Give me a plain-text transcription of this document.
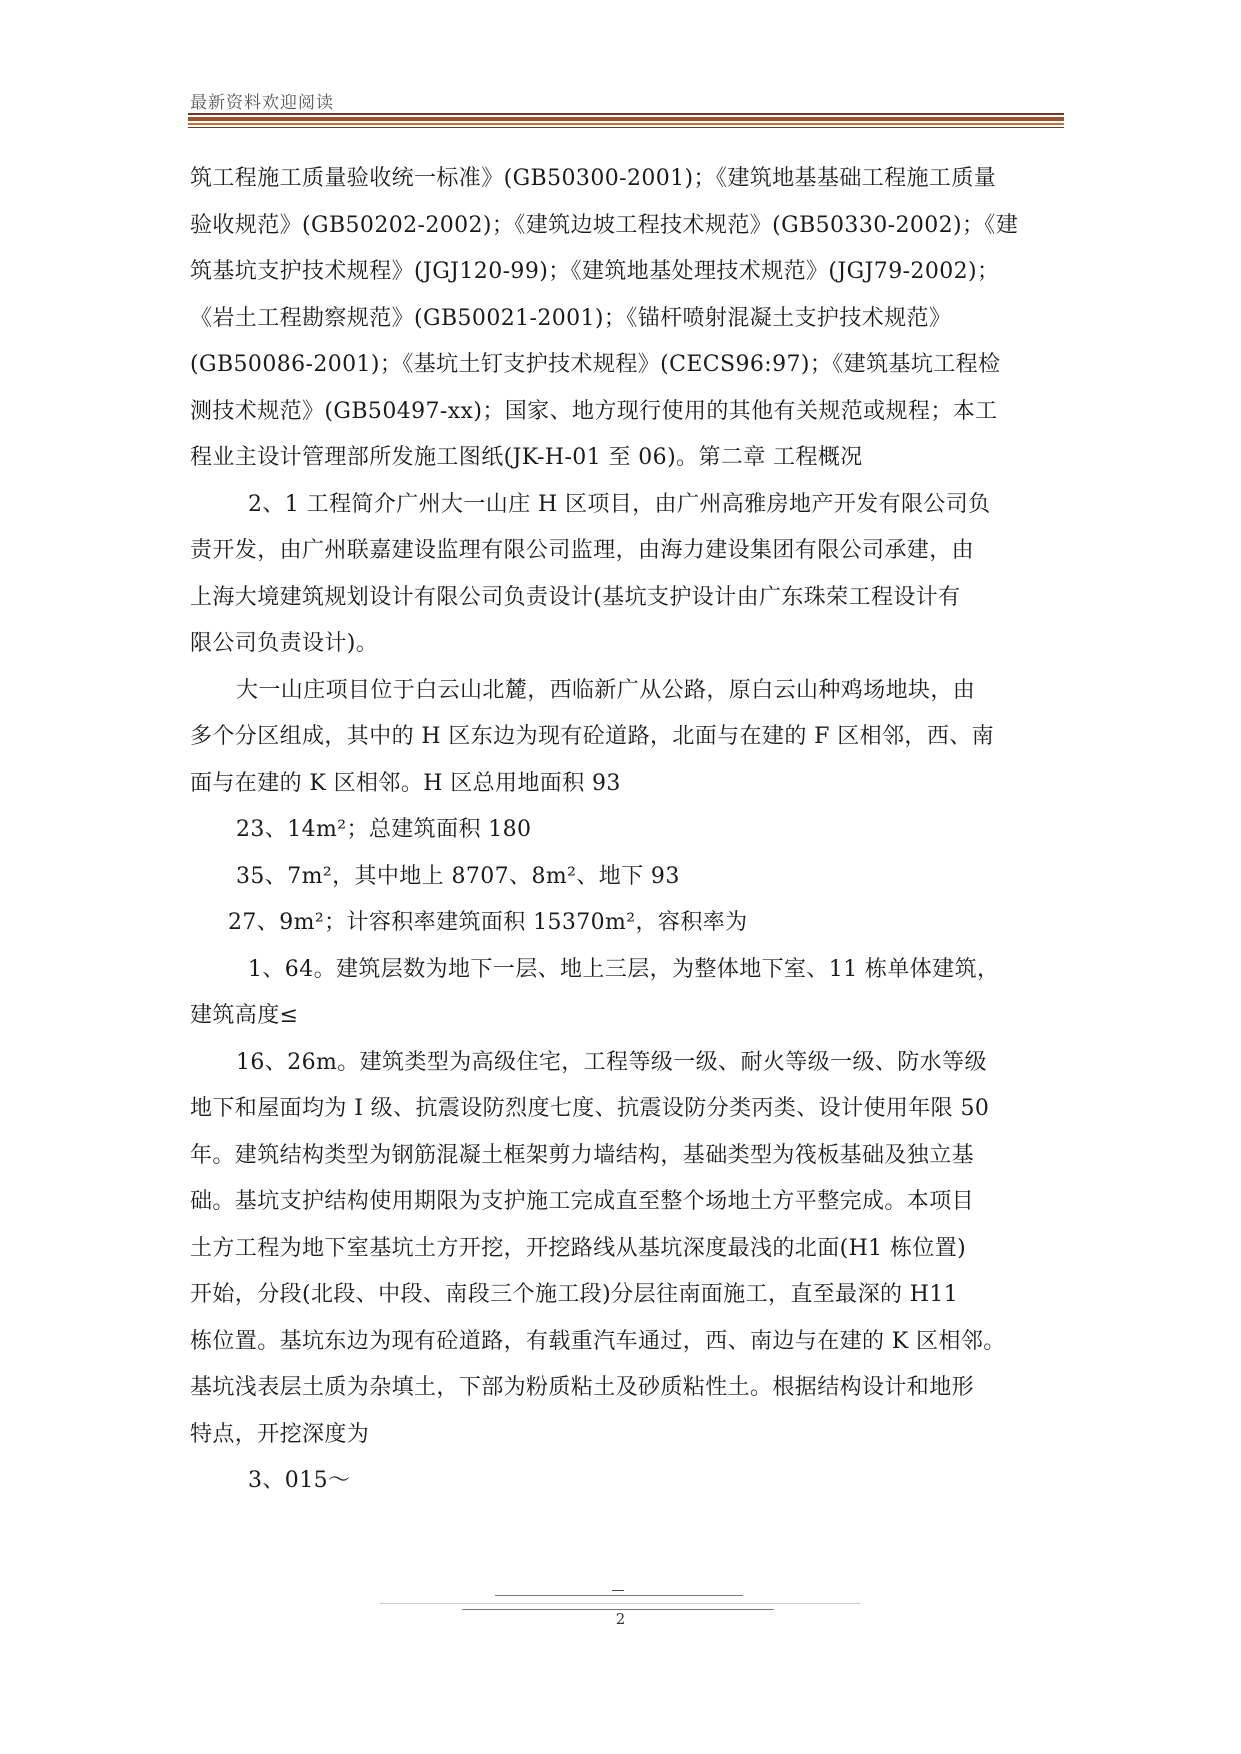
最新资料欢迎阅读
筑工程施工质量验收统一标准》(GB50300-2001)；《建筑地基基础工程施工质量
验收规范》(GB50202-2002)；《建筑边坡工程技术规范》(GB50330-2002)；《建
筑基坑支护技术规程》(JGJ120-99)；《建筑地基处理技术规范》(JGJ79-2002)；
《岩土工程勘察规范》(GB50021-2001)；《锚杆喷射混凝土支护技术规范》
(GB50086-2001)；《基坑土钉支护技术规程》(CECS96:97)；《建筑基坑工程检
测技术规范》(GB50497-xx)；国家、地方现行使用的其他有关规范或规程；本工
程业主设计管理部所发施工图纸(JK-H-01 至 06)。第二章 工程概况
2、1 工程简介广州大一山庄 H 区项目，由广州高雅房地产开发有限公司负
责开发，由广州联嘉建设监理有限公司监理，由海力建设集团有限公司承建，由
上海大境建筑规划设计有限公司负责设计(基坑支护设计由广东珠荣工程设计有
限公司负责设计)。
大一山庄项目位于白云山北麓，西临新广从公路，原白云山种鸡场地块，由
多个分区组成，其中的 H 区东边为现有砼道路，北面与在建的 F 区相邻，西、南
面与在建的 K 区相邻。H 区总用地面积 93
23、14m²；总建筑面积 180
35、7m²，其中地上 8707、8m²、地下 93
27、9m²；计容积率建筑面积 15370m²，容积率为
1、64。建筑层数为地下一层、地上三层，为整体地下室、11 栋单体建筑，
建筑高度≤
16、26m。建筑类型为高级住宅，工程等级一级、耐火等级一级、防水等级
地下和屋面均为 I 级、抗震设防烈度七度、抗震设防分类丙类、设计使用年限 50
年。建筑结构类型为钢筋混凝土框架剪力墙结构，基础类型为筏板基础及独立基
础。基坑支护结构使用期限为支护施工完成直至整个场地土方平整完成。本项目
土方工程为地下室基坑土方开挖，开挖路线从基坑深度最浅的北面(H1 栋位置)
开始，分段(北段、中段、南段三个施工段)分层往南面施工，直至最深的 H11
栋位置。基坑东边为现有砼道路，有载重汽车通过，西、南边与在建的 K 区相邻。
基坑浅表层土质为杂填土，下部为粉质粘土及砂质粘性土。根据结构设计和地形
特点，开挖深度为
3、015～
2
